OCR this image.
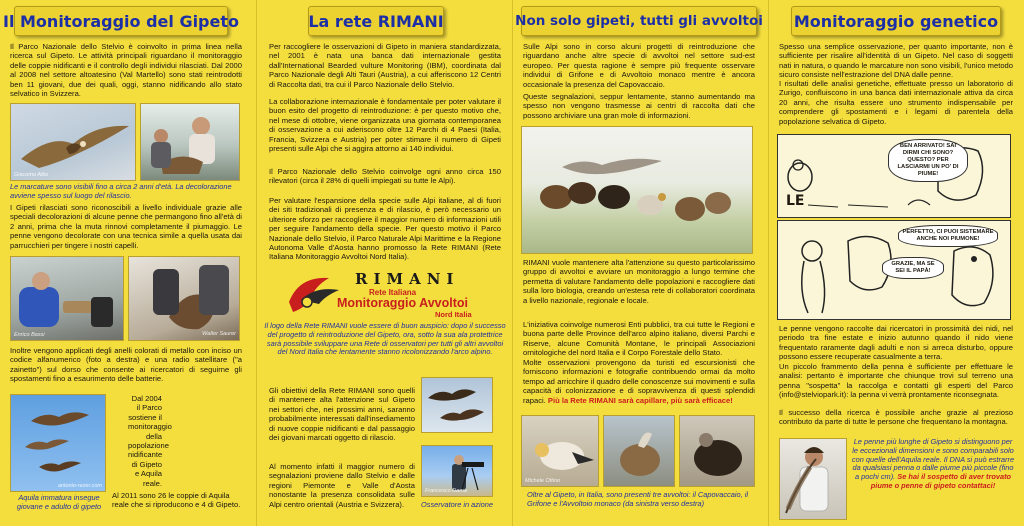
Il Monitoraggio del Gipeto
Il Parco Nazionale dello Stelvio è coinvolto in prima linea nella ricerca sul Gipeto. Le attività principali riguardano il monitoraggio delle coppie nidificanti e il controllo degli individui rilasciati. Dal 2000 al 2008 nel settore altoatesino (Val Martello) sono stati reintrodotti ben 11 giovani, due dei quali, oggi, stanno nidificando allo stato selvatico in Svizzera.
Giacomo Albo
Le marcature sono visibili fino a circa 2 anni d'età. La decolorazione avviene spesso sul luogo del rilascio.
I Gipeti rilasciati sono riconoscibili a livello individuale grazie alle speciali decolorazioni di alcune penne che permangono fino all'età di 2 anni, prima che la muta rinnovi completamente il piumaggio. Le penne vengono decolorate con una tecnica simile a quella usata dai parrucchieri per tingere i nostri capelli.
Enrico Bassi	Walter Saurer
Inoltre vengono applicati degli anelli colorati di metallo con inciso un codice alfanumerico (foto a destra) e una radio satellitare ("a zainetto") sul dorso che consente ai ricercatori di seguirne gli spostamenti fino a esaurimento delle batterie.
antonio-rezer.com
Aquila immatura insegue giovane e adulto di gipeto
Dal 2004 il Parco sostiene il monitoraggio della popolazione nidificante di Gipeto e Aquila reale.
Al 2011 sono 26 le coppie di Aquila reale che si riproducono e 4 di Gipeto.
La rete RIMANI
Per raccogliere le osservazioni di Gipeto in maniera standardizzata, nel 2001 è nata una banca dati internazionale gestita dall'International Bearded vulture Monitoring (IBM), coordinata dal Parco Nazionale degli Alti Tauri (Austria), a cui afferiscono 12 Centri di Raccolta dati, tra cui il Parco Nazionale dello Stelvio.
La collaborazione internazionale è fondamentale per poter valutare il buon esito del progetto di reintroduzione: è per questo motivo che, nel mese di ottobre, viene organizzata una giornata contemporanea di osservazione a cui aderiscono oltre 12 Parchi di 4 Paesi (Italia, Francia, Svizzera e Austria) per poter stimare il numero di Gipeti presenti sulle Alpi che si aggira attorno ai 140 individui.
Il Parco Nazionale dello Stelvio coinvolge ogni anno circa 150 rilevatori (circa il 28% di quelli impiegati su tutte le Alpi).
Per valutare l'espansione della specie sulle Alpi italiane, al di fuori dei siti tradizionali di presenza e di rilascio, è però necessario un ulteriore sforzo per raccogliere il maggior numero di informazioni utili per seguire l'andamento della specie. Per questo motivo il Parco Nazionale dello Stelvio, il Parco Naturale Alpi Marittime e la Regione Autonoma Valle d'Aosta hanno promosso la Rete RIMANI (Rete Italiana Monitoraggio Avvoltoi Nord Italia).
RIMANI
Rete Italiana
Monitoraggio Avvoltoi
Nord Italia
Il logo della Rete RIMANI vuole essere di buon auspicio: dopo il successo del progetto di reintroduzione del Gipeto, ora, sotto la sua ala protettrice sarà possibile sviluppare una Rete di osservatori per tutti gli altri avvoltoi del Nord Italia che lentamente stanno ricolonizzando l'arco alpino.
Gli obiettivi della Rete RIMANI sono quelli di mantenere alta l'attenzione sul Gipeto nei settori che, nei prossimi anni, saranno probabilmente interessati dall'insediamento di nuove coppie nidificanti e dal passaggio dei giovani marcati oggetto di rilascio.
Al momento infatti il maggior numero di segnalazioni proviene dallo Stelvio e dalle regioni Piemonte e Valle d'Aosta nonostante la presenza consolidata sulle Alpi centro orientali (Austria e Svizzera).
Francesco Dama
Osservatore in azione
Non solo gipeti, tutti gli avvoltoi
Sulle Alpi sono in corso alcuni progetti di reintroduzione che riguardano anche altre specie di avvoltoi nel settore sud-est europeo. Per questa ragione è sempre più frequente osservare individui di Grifone e di Avvoltoio monaco mentre è ancora occasionale la presenza del Capovaccaio.
Queste segnalazioni, seppur lentamente, stanno aumentando ma spesso non vengono trasmesse ai centri di raccolta dati che possono archiviare una gran mole di informazioni.
RIMANI vuole mantenere alta l'attenzione su questo particolarissimo gruppo di avvoltoi e avviare un monitoraggio a lungo termine che permetta di valutare l'andamento delle popolazioni e raccogliere dati sulla loro biologia, creando un'estesa rete di collaboratori coordinata a livello nazionale, regionale e locale.
L'iniziativa coinvolge numerosi Enti pubblici, tra cui tutte le Regioni e buona parte delle Province dell'arco alpino italiano, diversi Parchi e Riserve, alcune Comunità Montane, le principali Associazioni ornitologiche del nord Italia e il Corpo Forestale dello Stato.
Molte osservazioni provengono da turisti ed escursionisti che forniscono informazioni e fotografie contribuendo ormai da molto tempo ad arricchire il quadro delle conoscenze sui movimenti e sulla capacità di colonizzazione e di sopravvivenza di questi splendidi rapaci. Più la Rete RIMANI sarà capillare, più sarà efficace!
Michele Ottino
Oltre al Gipeto, in Italia, sono presenti tre avvoltoi: il Capovaccaio, il Grifone e l'Avvoltoio monaco (da sinistra verso destra)
Monitoraggio genetico
Spesso una semplice osservazione, per quanto importante, non è sufficiente per risalire all'identità di un Gipeto. Nel caso di soggetti nati in natura, o quando le marcature non sono visibili, l'unico metodo sicuro consiste nell'estrazione del DNA dalle penne.
I risultati delle analisi genetiche, effettuate presso un laboratorio di Zurigo, confluiscono in una banca dati internazionale attiva da circa 20 anni, che risulta essere uno strumento indispensabile per comprendere gli spostamenti e i legami di parentela della popolazione selvatica di Gipeto.
BEN ARRIVATO! SAI DIRMI CHI SONO? QUESTO? PER LASCIARMI UN PO' DI PIUME!
LE
PERFETTO, CI PUOI SISTEMARE ANCHE NOI PIUMONE!
GRAZIE, MA SE SEI IL PAPÀ!
Le penne vengono raccolte dai ricercatori in prossimità dei nidi, nel periodo tra fine estate e inizio autunno quando il nido viene frequentato raramente dagli adulti e non si arreca disturbo, oppure possono essere recuperate casualmente a terra.
Un piccolo frammento della penna è sufficiente per effettuare le analisi: pertanto è importante che chiunque trovi sul terreno una penna "sospetta" la raccolga e contatti gli esperti del Parco (info@stelviopark.it): la penna vi verrà prontamente riconsegnata.
Il successo della ricerca è possibile anche grazie al prezioso contributo da parte di tutte le persone che frequentano la montagna.
Le penne più lunghe di Gipeto si distinguono per le eccezionali dimensioni e sono comparabili solo con quelle dell'Aquila reale. Il DNA si può estrarre da qualsiasi penna o dalle piume più piccole (fino a pochi cm). Se hai il sospetto di aver trovato piume o penne di gipeto contattaci!
